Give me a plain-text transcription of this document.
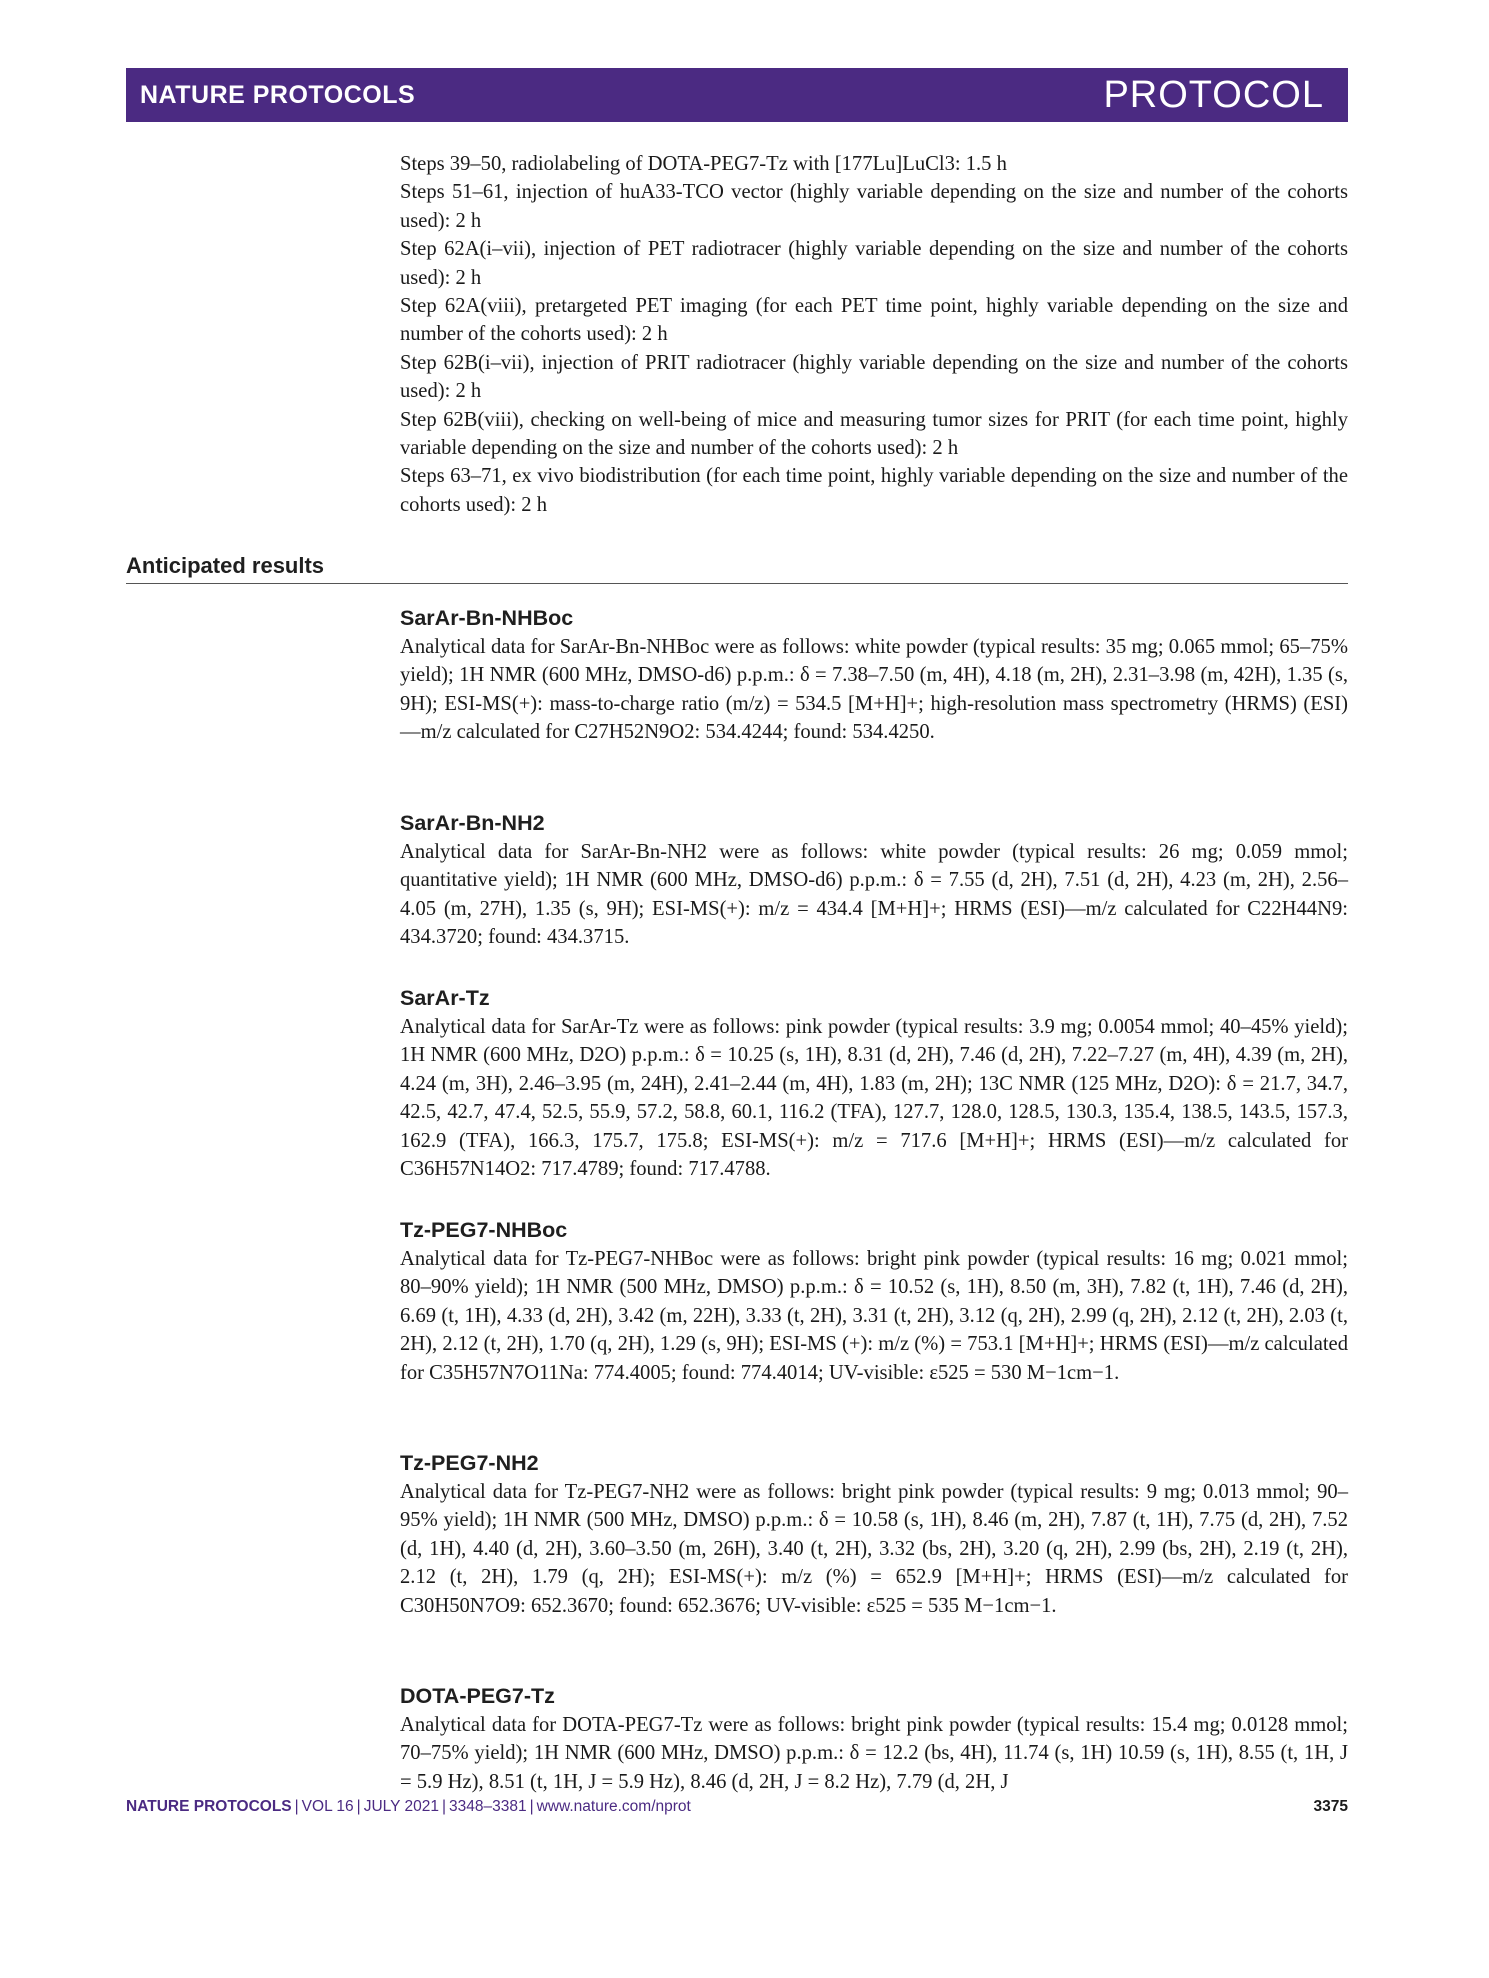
NATURE PROTOCOLS	PROTOCOL

Steps 39–50, radiolabeling of DOTA-PEG7-Tz with [177Lu]LuCl3: 1.5 h

Steps 51–61, injection of huA33-TCO vector (highly variable depending on the size and number of the cohorts used): 2 h

Step 62A(i–vii), injection of PET radiotracer (highly variable depending on the size and number of the cohorts used): 2 h

Step 62A(viii), pretargeted PET imaging (for each PET time point, highly variable depending on the size and number of the cohorts used): 2 h

Step 62B(i–vii), injection of PRIT radiotracer (highly variable depending on the size and number of the cohorts used): 2 h

Step 62B(viii), checking on well-being of mice and measuring tumor sizes for PRIT (for each time point, highly variable depending on the size and number of the cohorts used): 2 h

Steps 63–71, ex vivo biodistribution (for each time point, highly variable depending on the size and number of the cohorts used): 2 h

Anticipated results
SarAr-Bn-NHBoc

Analytical data for SarAr-Bn-NHBoc were as follows: white powder (typical results: 35 mg; 0.065 mmol; 65–75% yield); 1H NMR (600 MHz, DMSO-d6) p.p.m.: δ = 7.38–7.50 (m, 4H), 4.18 (m, 2H), 2.31–3.98 (m, 42H), 1.35 (s, 9H); ESI-MS(+): mass-to-charge ratio (m/z) = 534.5 [M+H]+; high-resolution mass spectrometry (HRMS) (ESI)—m/z calculated for C27H52N9O2: 534.4244; found: 534.4250.

SarAr-Bn-NH2

Analytical data for SarAr-Bn-NH2 were as follows: white powder (typical results: 26 mg; 0.059 mmol; quantitative yield); 1H NMR (600 MHz, DMSO-d6) p.p.m.: δ = 7.55 (d, 2H), 7.51 (d, 2H), 4.23 (m, 2H), 2.56–4.05 (m, 27H), 1.35 (s, 9H); ESI-MS(+): m/z = 434.4 [M+H]+; HRMS (ESI)—m/z calculated for C22H44N9: 434.3720; found: 434.3715.

SarAr-Tz

Analytical data for SarAr-Tz were as follows: pink powder (typical results: 3.9 mg; 0.0054 mmol; 40–45% yield); 1H NMR (600 MHz, D2O) p.p.m.: δ = 10.25 (s, 1H), 8.31 (d, 2H), 7.46 (d, 2H), 7.22–7.27 (m, 4H), 4.39 (m, 2H), 4.24 (m, 3H), 2.46–3.95 (m, 24H), 2.41–2.44 (m, 4H), 1.83 (m, 2H); 13C NMR (125 MHz, D2O): δ = 21.7, 34.7, 42.5, 42.7, 47.4, 52.5, 55.9, 57.2, 58.8, 60.1, 116.2 (TFA), 127.7, 128.0, 128.5, 130.3, 135.4, 138.5, 143.5, 157.3, 162.9 (TFA), 166.3, 175.7, 175.8; ESI-MS(+): m/z = 717.6 [M+H]+; HRMS (ESI)—m/z calculated for C36H57N14O2: 717.4789; found: 717.4788.

Tz-PEG7-NHBoc

Analytical data for Tz-PEG7-NHBoc were as follows: bright pink powder (typical results: 16 mg; 0.021 mmol; 80–90% yield); 1H NMR (500 MHz, DMSO) p.p.m.: δ = 10.52 (s, 1H), 8.50 (m, 3H), 7.82 (t, 1H), 7.46 (d, 2H), 6.69 (t, 1H), 4.33 (d, 2H), 3.42 (m, 22H), 3.33 (t, 2H), 3.31 (t, 2H), 3.12 (q, 2H), 2.99 (q, 2H), 2.12 (t, 2H), 2.03 (t, 2H), 2.12 (t, 2H), 1.70 (q, 2H), 1.29 (s, 9H); ESI-MS (+): m/z (%) = 753.1 [M+H]+; HRMS (ESI)—m/z calculated for C35H57N7O11Na: 774.4005; found: 774.4014; UV-visible: ε525 = 530 M−1cm−1.

Tz-PEG7-NH2

Analytical data for Tz-PEG7-NH2 were as follows: bright pink powder (typical results: 9 mg; 0.013 mmol; 90–95% yield); 1H NMR (500 MHz, DMSO) p.p.m.: δ = 10.58 (s, 1H), 8.46 (m, 2H), 7.87 (t, 1H), 7.75 (d, 2H), 7.52 (d, 1H), 4.40 (d, 2H), 3.60–3.50 (m, 26H), 3.40 (t, 2H), 3.32 (bs, 2H), 3.20 (q, 2H), 2.99 (bs, 2H), 2.19 (t, 2H), 2.12 (t, 2H), 1.79 (q, 2H); ESI-MS(+): m/z (%) = 652.9 [M+H]+; HRMS (ESI)—m/z calculated for C30H50N7O9: 652.3670; found: 652.3676; UV-visible: ε525 = 535 M−1cm−1.

DOTA-PEG7-Tz

Analytical data for DOTA-PEG7-Tz were as follows: bright pink powder (typical results: 15.4 mg; 0.0128 mmol; 70–75% yield); 1H NMR (600 MHz, DMSO) p.p.m.: δ = 12.2 (bs, 4H), 11.74 (s, 1H) 10.59 (s, 1H), 8.55 (t, 1H, J = 5.9 Hz), 8.51 (t, 1H, J = 5.9 Hz), 8.46 (d, 2H, J = 8.2 Hz), 7.79 (d, 2H, J

NATURE PROTOCOLS | VOL 16 | JULY 2021 | 3348–3381 | www.nature.com/nprot	3375
